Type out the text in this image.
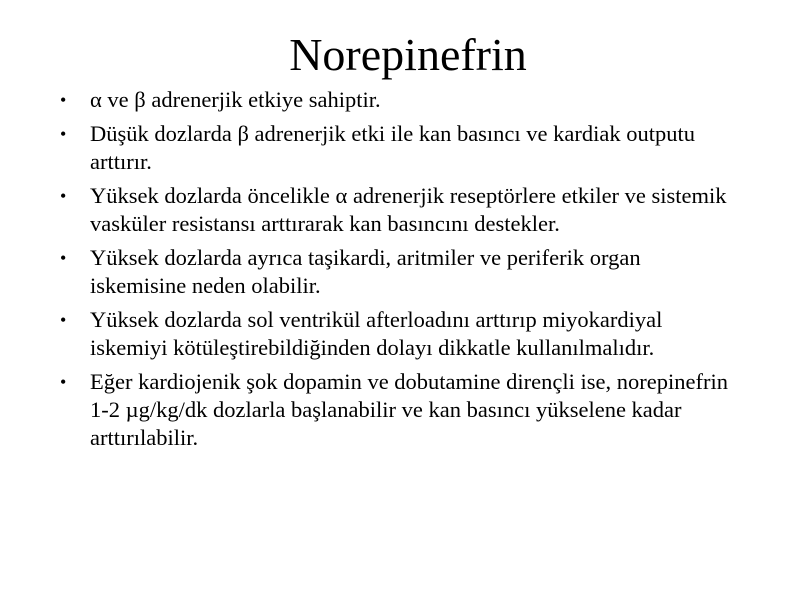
Norepinefrin
• α ve β adrenerjik etkiye sahiptir.
• Düşük dozlarda β adrenerjik etki ile kan basıncı ve kardiak outputu arttırır.
• Yüksek dozlarda öncelikle α adrenerjik reseptörlere etkiler ve sistemik vasküler resistansı arttırarak kan basıncını destekler.
• Yüksek dozlarda ayrıca taşikardi, aritmiler ve periferik organ iskemisine neden olabilir.
• Yüksek dozlarda sol ventrikül afterloadını arttırıp miyokardiyal iskemiyi kötüleştirebildiğinden dolayı dikkatle kullanılmalıdır.
• Eğer kardiojenik şok dopamin ve dobutamine dirençli ise, norepinefrin 1-2 µg/kg/dk dozlarla başlanabilir ve kan basıncı yükselene kadar arttırılabilir.
